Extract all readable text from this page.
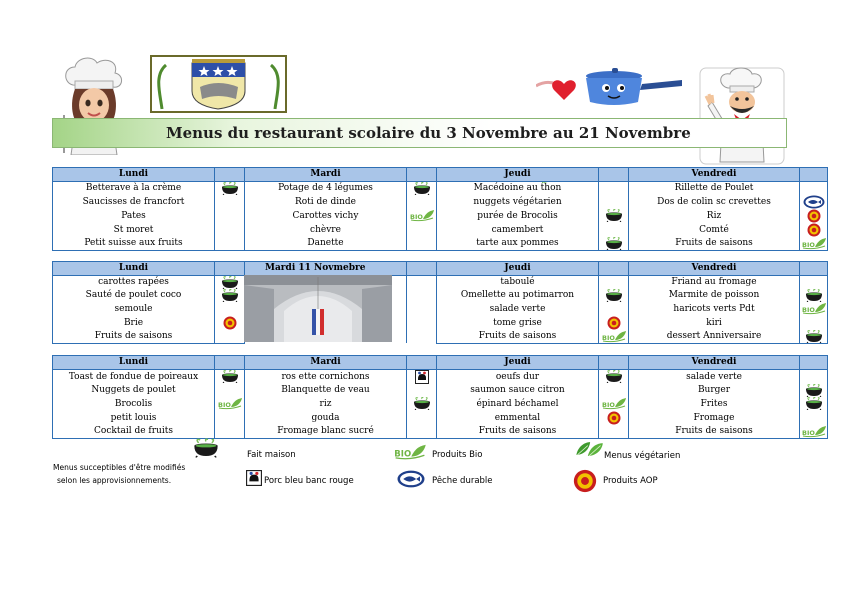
Menus du restaurant scolaire du 3 Novembre au 21 Novembre
Lundi		Mardi		Jeudi		Vendredi	
Betterave à la crème		Potage de 4 légumes		Macédoine au thon		Rillette de Poulet	
Saucisses de francfort		Roti de dinde		nuggets végétarien		Dos de colin sc crevettes	
Pates		Carottes vichy	BIO	purée de Brocolis		Riz	
St moret		chèvre		camembert		Comté	
Petit suisse aux fruits		Danette		tarte aux pommes		Fruits de saisons	BIO
Lundi		Mardi 11 Novmebre		Jeudi		Vendredi	
carottes rapées				taboulé		Friand au fromage	
Sauté de poulet coco				Omellette au potimarron		Marmite de poisson	
semoule				salade verte		haricots verts Pdt	BIO

Brie				tome grise		kiri	
Fruits de saisons				Fruits de saisons	BIO	dessert Anniversaire	
Lundi		Mardi		Jeudi		Vendredi	
Toast de fondue de poireaux		ros ette cornichons		oeufs dur		salade verte	
Nuggets de poulet		Blanquette de veau		saumon sauce citron		Burger	
Brocolis	BIO	riz		épinard béchamel	BIO	Frites	
petit louis		gouda		emmental		Fromage	
Cocktail de fruits		Fromage blanc sucré		Fruits de saisons		Fruits de saisons	BIO
Fait maison	BIO Produits Bio	Menus végétarien
Menus succeptibles d'être modifiés
selon les approvisionnements.	Porc bleu banc rouge	Pêche durable	Produits AOP
